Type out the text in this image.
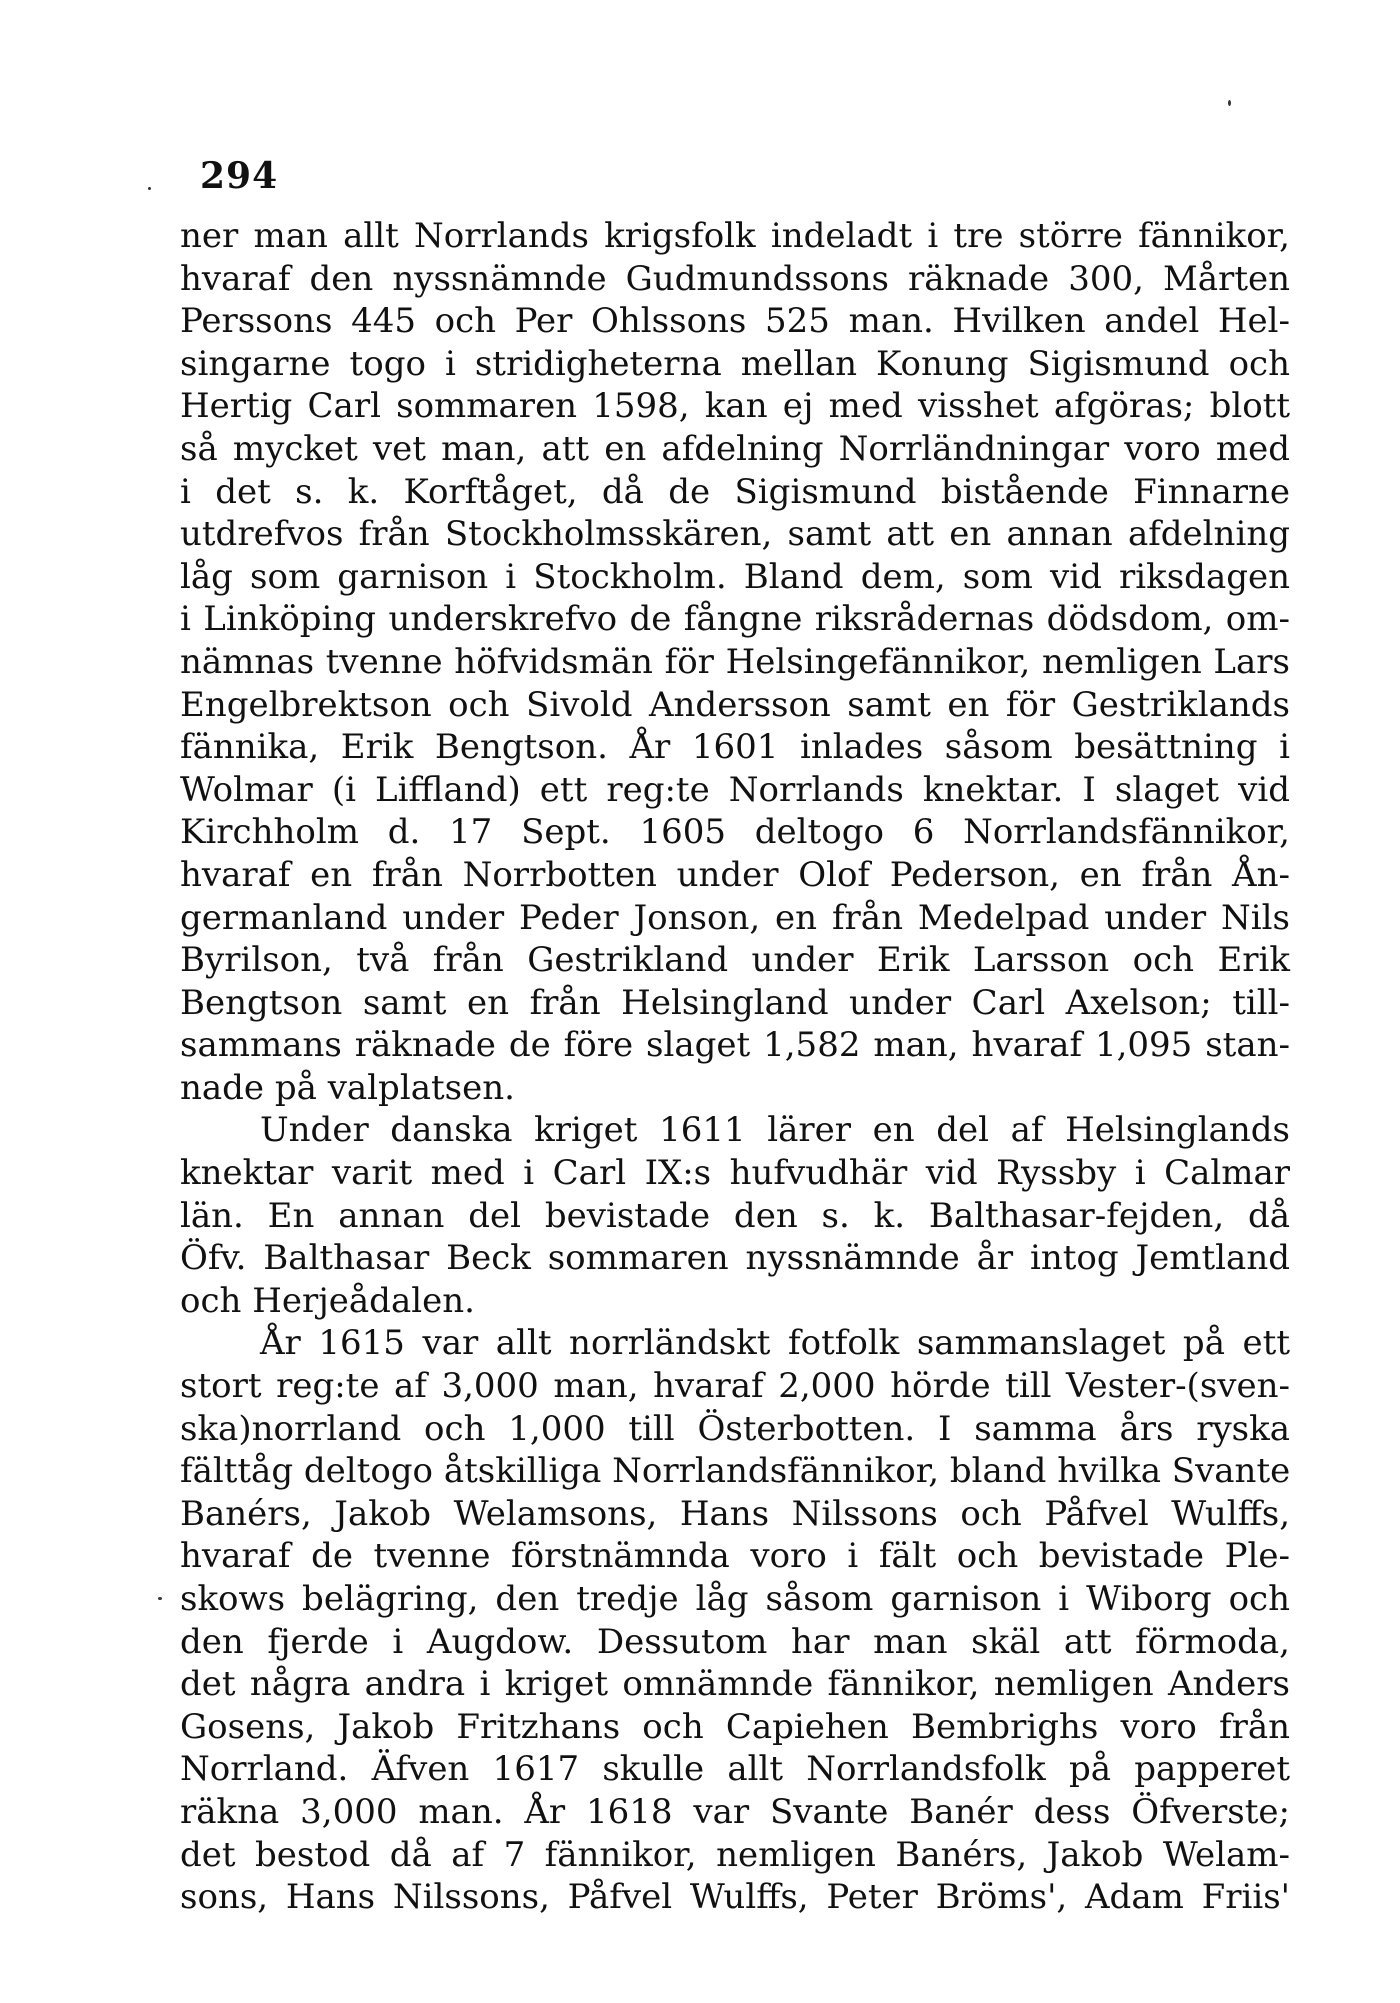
294
ner man allt Norrlands krigsfolk indeladt i tre större fännikor,
hvaraf den nyssnämnde Gudmundssons räknade 300, Mårten
Perssons 445 och Per Ohlssons 525 man. Hvilken andel Hel-
singarne togo i stridigheterna mellan Konung Sigismund och
Hertig Carl sommaren 1598, kan ej med visshet afgöras; blott
så mycket vet man, att en afdelning Norrländningar voro med
i det s. k. Korftåget, då de Sigismund bistående Finnarne
utdrefvos från Stockholmsskären, samt att en annan afdelning
låg som garnison i Stockholm. Bland dem, som vid riksdagen
i Linköping underskrefvo de fångne riksrådernas dödsdom, om-
nämnas tvenne höfvidsmän för Helsingefännikor, nemligen Lars
Engelbrektson och Sivold Andersson samt en för Gestriklands
fännika, Erik Bengtson. År 1601 inlades såsom besättning i
Wolmar (i Liffland) ett reg:te Norrlands knektar. I slaget vid
Kirchholm d. 17 Sept. 1605 deltogo 6 Norrlandsfännikor,
hvaraf en från Norrbotten under Olof Pederson, en från Ån-
germanland under Peder Jonson, en från Medelpad under Nils
Byrilson, två från Gestrikland under Erik Larsson och Erik
Bengtson samt en från Helsingland under Carl Axelson; till-
sammans räknade de före slaget 1,582 man, hvaraf 1,095 stan-
nade på valplatsen.
Under danska kriget 1611 lärer en del af Helsinglands
knektar varit med i Carl IX:s hufvudhär vid Ryssby i Calmar
län. En annan del bevistade den s. k. Balthasar-fejden, då
Öfv. Balthasar Beck sommaren nyssnämnde år intog Jemtland
och Herjeådalen.
År 1615 var allt norrländskt fotfolk sammanslaget på ett
stort reg:te af 3,000 man, hvaraf 2,000 hörde till Vester-(sven-
ska)norrland och 1,000 till Österbotten. I samma års ryska
fälttåg deltogo åtskilliga Norrlandsfännikor, bland hvilka Svante
Banérs, Jakob Welamsons, Hans Nilssons och Påfvel Wulffs,
hvaraf de tvenne förstnämnda voro i fält och bevistade Ple-
skows belägring, den tredje låg såsom garnison i Wiborg och
den fjerde i Augdow. Dessutom har man skäl att förmoda,
det några andra i kriget omnämnde fännikor, nemligen Anders
Gosens, Jakob Fritzhans och Capiehen Bembrighs voro från
Norrland. Äfven 1617 skulle allt Norrlandsfolk på papperet
räkna 3,000 man. År 1618 var Svante Banér dess Öfverste;
det bestod då af 7 fännikor, nemligen Banérs, Jakob Welam-
sons, Hans Nilssons, Påfvel Wulffs, Peter Bröms', Adam Friis'
